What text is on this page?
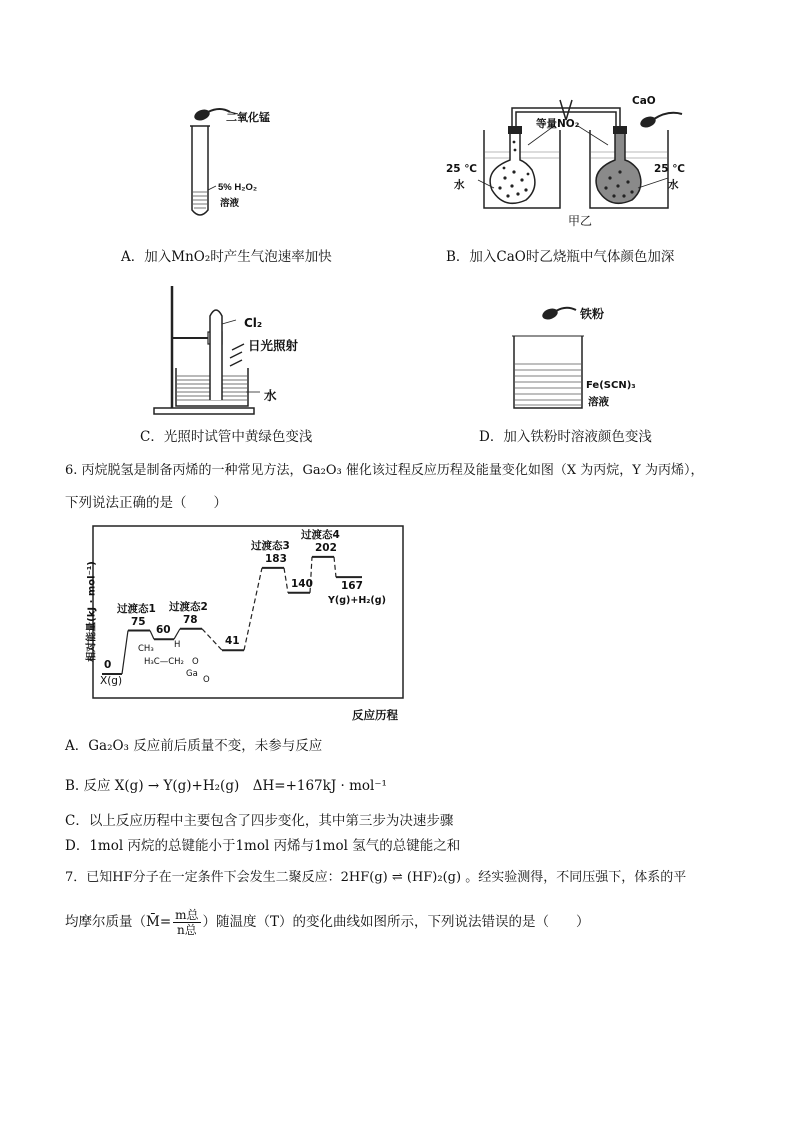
二氧化锰
5% H₂O₂
溶液
CaO
等量NO₂
25 ℃
水
25 ℃
水
甲乙
A．加入MnO₂时产生气泡速率加快	B．加入CaO时乙烧瓶中气体颜色加深
Cl₂
日光照射
水
铁粉
Fe(SCN)₃
溶液
C．光照时试管中黄绿色变浅	D．加入铁粉时溶液颜色变浅
6. 丙烷脱氢是制备丙烯的一种常见方法，Ga₂O₃ 催化该过程反应历程及能量变化如图（X 为丙烷，Y 为丙烯），
下列说法正确的是（　　）
相对能量(kJ · mol⁻¹)
反应历程
0
X(g)
75
过渡态1
60
78
过渡态2
41
183
过渡态3
140
202
过渡态4
167
Y(g)+H₂(g)
CH₃ H
H₃C—CH₂ O
Ga
O
A．Ga₂O₃ 反应前后质量不变，未参与反应
B. 反应 X(g) → Y(g)+H₂(g)　ΔH=+167kJ · mol⁻¹
C．以上反应历程中主要包含了四步变化，其中第三步为决速步骤
D．1mol 丙烷的总键能小于1mol 丙烯与1mol 氢气的总键能之和
7．已知HF分子在一定条件下会发生二聚反应：2HF(g) ⇌ (HF)₂(g) 。经实验测得，不同压强下，体系的平
均摩尔质量（M̄= $\frac{\text{m总}}{\text{n总}}$ ）随温度（T）的变化曲线如图所示，下列说法错误的是（　　）
